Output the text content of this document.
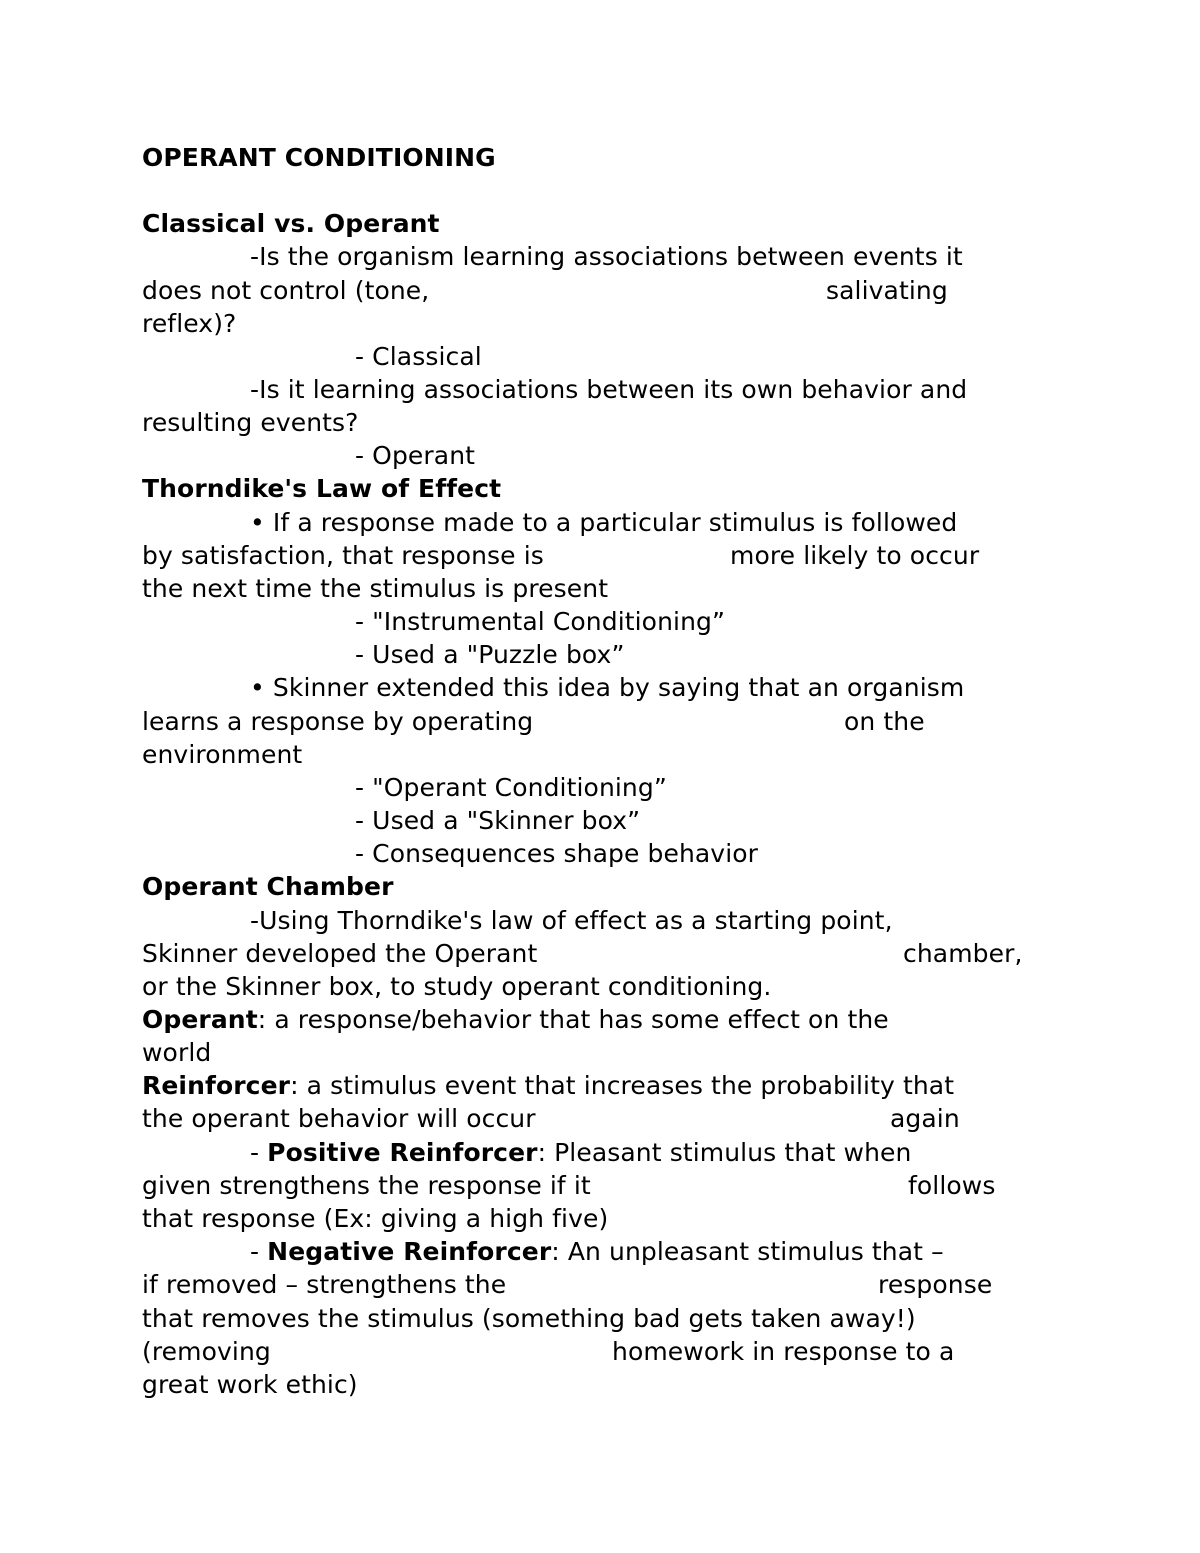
OPERANT CONDITIONING
Classical vs. Operant
-Is the organism learning associations between events it

does not control (tone,

	salivating

reflex)?
- Classical
-Is it learning associations between its own behavior and
resulting events?
- Operant
Thorndike's Law of Effect
• If a response made to a particular stimulus is followed

by satisfaction, that response is

	more likely to occur

the next time the stimulus is present
- "Instrumental Conditioning”
- Used a "Puzzle box”
• Skinner extended this idea by saying that an organism

learns a response by operating

	on the

environment
- "Operant Conditioning”
- Used a "Skinner box”
- Consequences shape behavior
Operant Chamber
-Using Thorndike's law of effect as a starting point,

Skinner developed the Operant

	chamber,

or the Skinner box, to study operant conditioning.
Operant: a response/behavior that has some effect on the
world
Reinforcer: a stimulus event that increases the probability that

the operant behavior will occur

	again

- Positive Reinforcer: Pleasant stimulus that when

given strengthens the response if it

	follows

that response (Ex: giving a high five)
- Negative Reinforcer: An unpleasant stimulus that –

if removed – strengthens the

	response

that removes the stimulus (something bad gets taken away!)

(removing

	homework in response to a

great work ethic)
